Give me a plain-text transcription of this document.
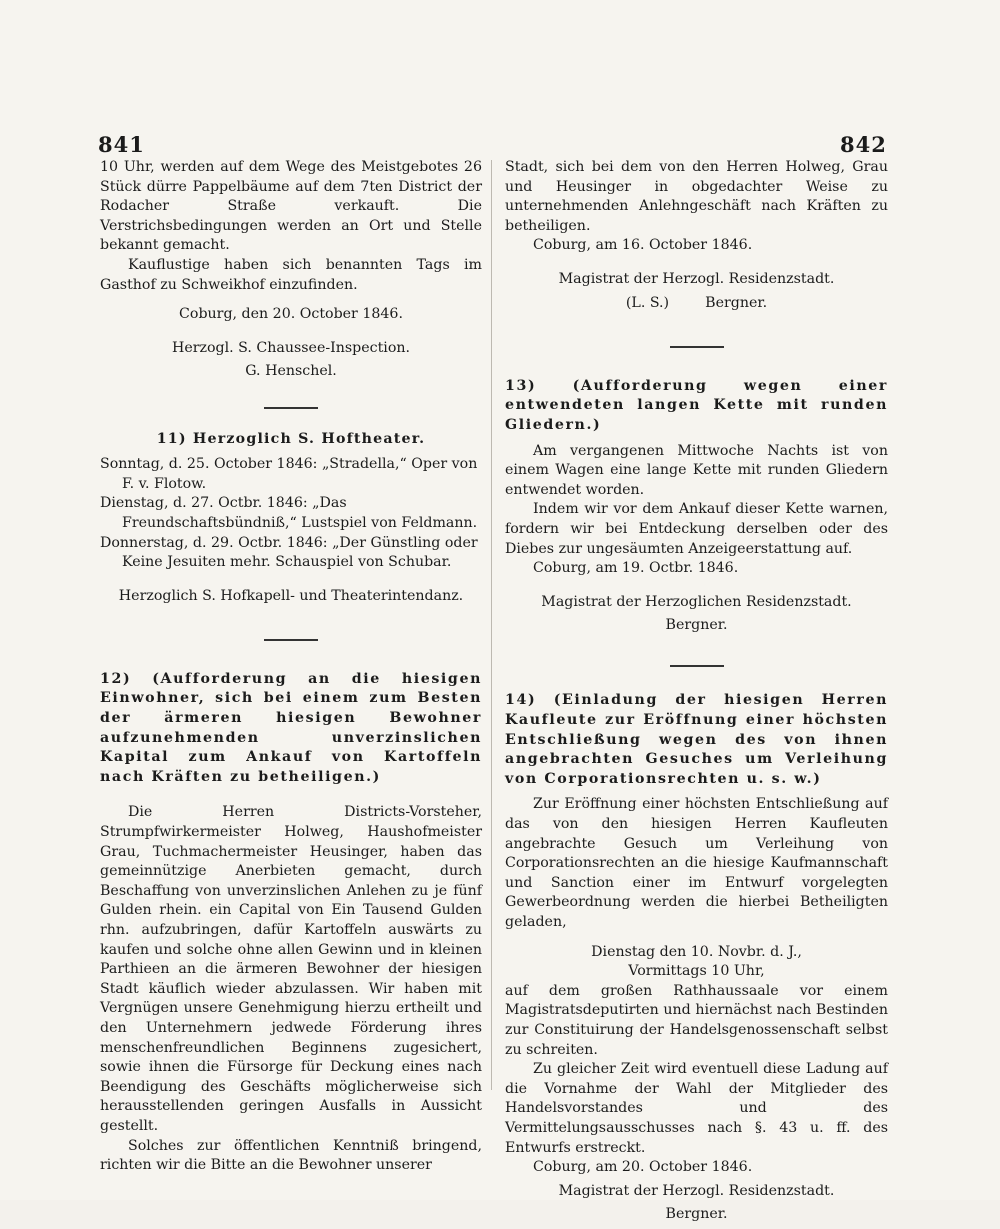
841	842

10 Uhr, werden auf dem Wege des Meistgebotes 26 Stück dürre Pappelbäume auf dem 7ten District der Rodacher Straße verkauft. Die Verstrichsbedingungen werden an Ort und Stelle bekannt gemacht.

Kauflustige haben sich benannten Tags im Gasthof zu Schweikhof einzufinden.

Coburg, den 20. October 1846.

Herzogl. S. Chaussee-Inspection.

G. Henschel.

11) Herzoglich S. Hoftheater.

Sonntag, d. 25. October 1846: „Stradella,“ Oper von F. v. Flotow.

Dienstag, d. 27. Octbr. 1846: „Das Freundschaftsbündniß,“ Lustspiel von Feldmann.

Donnerstag, d. 29. Octbr. 1846: „Der Günstling oder Keine Jesuiten mehr. Schauspiel von Schubar.

Herzoglich S. Hofkapell- und Theaterintendanz.

12) (Aufforderung an die hiesigen Einwohner, sich bei einem zum Besten der ärmeren hiesigen Bewohner aufzunehmenden unverzinslichen Kapital zum Ankauf von Kartoffeln nach Kräften zu betheiligen.)

Die Herren Districts-Vorsteher, Strumpfwirkermeister Holweg, Haushofmeister Grau, Tuchmachermeister Heusinger, haben das gemeinnützige Anerbieten gemacht, durch Beschaffung von unverzinslichen Anlehen zu je fünf Gulden rhein. ein Capital von Ein Tausend Gulden rhn. aufzubringen, dafür Kartoffeln auswärts zu kaufen und solche ohne allen Gewinn und in kleinen Parthieen an die ärmeren Bewohner der hiesigen Stadt käuflich wieder abzulassen. Wir haben mit Vergnügen unsere Genehmigung hierzu ertheilt und den Unternehmern jedwede Förderung ihres menschenfreundlichen Beginnens zugesichert, sowie ihnen die Fürsorge für Deckung eines nach Beendigung des Geschäfts möglicherweise sich herausstellenden geringen Ausfalls in Aussicht gestellt.

Solches zur öffentlichen Kenntniß bringend, richten wir die Bitte an die Bewohner unserer

Stadt, sich bei dem von den Herren Holweg, Grau und Heusinger in obgedachter Weise zu unternehmenden Anlehngeschäft nach Kräften zu betheiligen.

Coburg, am 16. October 1846.

Magistrat der Herzogl. Residenzstadt.

(L. S.)        Bergner.

13) (Aufforderung wegen einer entwendeten langen Kette mit runden Gliedern.)

Am vergangenen Mittwoche Nachts ist von einem Wagen eine lange Kette mit runden Gliedern entwendet worden.

Indem wir vor dem Ankauf dieser Kette warnen, fordern wir bei Entdeckung derselben oder des Diebes zur ungesäumten Anzeigeerstattung auf.

Coburg, am 19. Octbr. 1846.

Magistrat der Herzoglichen Residenzstadt.

Bergner.

14) (Einladung der hiesigen Herren Kaufleute zur Eröffnung einer höchsten Entschließung wegen des von ihnen angebrachten Gesuches um Verleihung von Corporationsrechten u. s. w.)

Zur Eröffnung einer höchsten Entschließung auf das von den hiesigen Herren Kaufleuten angebrachte Gesuch um Verleihung von Corporationsrechten an die hiesige Kaufmannschaft und Sanction einer im Entwurf vorgelegten Gewerbeordnung werden die hierbei Betheiligten geladen,

Dienstag den 10. Novbr. d. J.,

Vormittags 10 Uhr,

auf dem großen Rathhaussaale vor einem Magistratsdeputirten und hiernächst nach Bestinden zur Constituirung der Handelsgenossenschaft selbst zu schreiten.

Zu gleicher Zeit wird eventuell diese Ladung auf die Vornahme der Wahl der Mitglieder des Handelsvorstandes und des Vermittelungsausschusses nach §. 43 u. ff. des Entwurfs erstreckt.

Coburg, am 20. October 1846.

Magistrat der Herzogl. Residenzstadt.

Bergner.
